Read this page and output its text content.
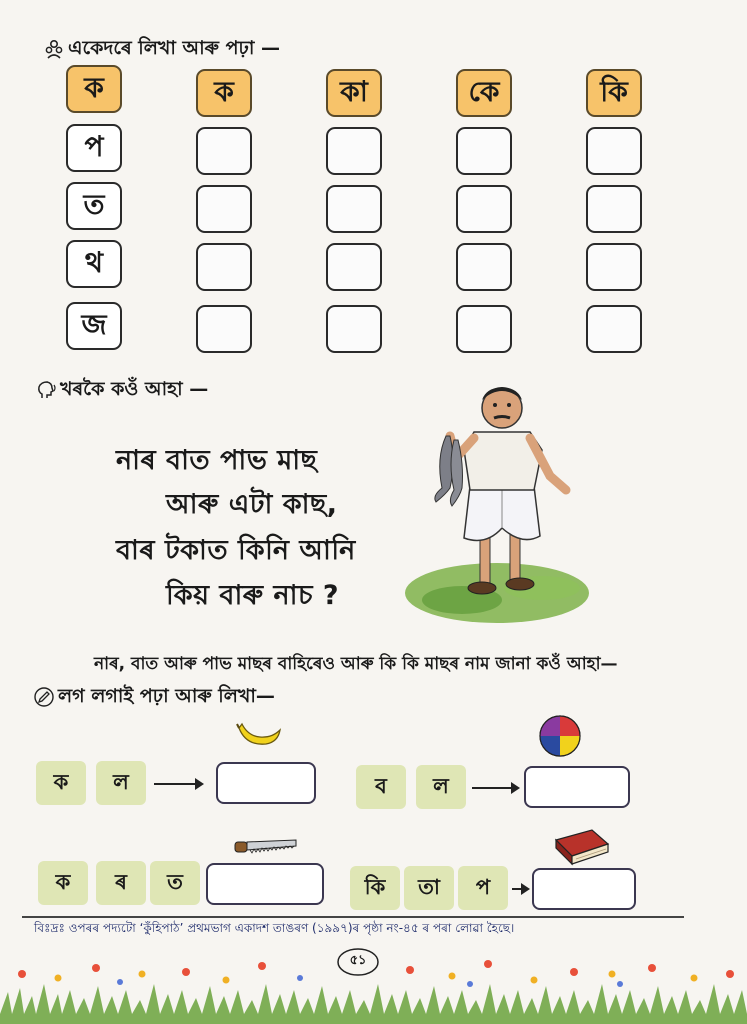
একেদৰে লিখা আৰু পঢ়া —
ক	ক	কা	কে	কি
প
ত
থ
জ
খৰকৈ কওঁ আহা —
নাৰ বাত পাভ মাছ
আৰু এটা কাছ,
বাৰ টকাত কিনি আনি
কিয় বাৰু নাচ ?
নাৰ, বাত আৰু পাভ মাছৰ বাহিৰেও আৰু কি কি মাছৰ নাম জানা কওঁ আহা—
লগ লগাই পঢ়া আৰু লিখা—
ক	ল	ব	ল
ক	ৰ	ত	কি	তা	প
বিঃদ্রঃ ওপৰৰ পদ্যটো ‘কুঁহিপাঠ’ প্রথমভাগ একাদশ তাঙৰণ (১৯৯৭)ৰ পৃষ্ঠা নং-৪৫ ৰ পৰা লোৱা হৈছে।
৫১
